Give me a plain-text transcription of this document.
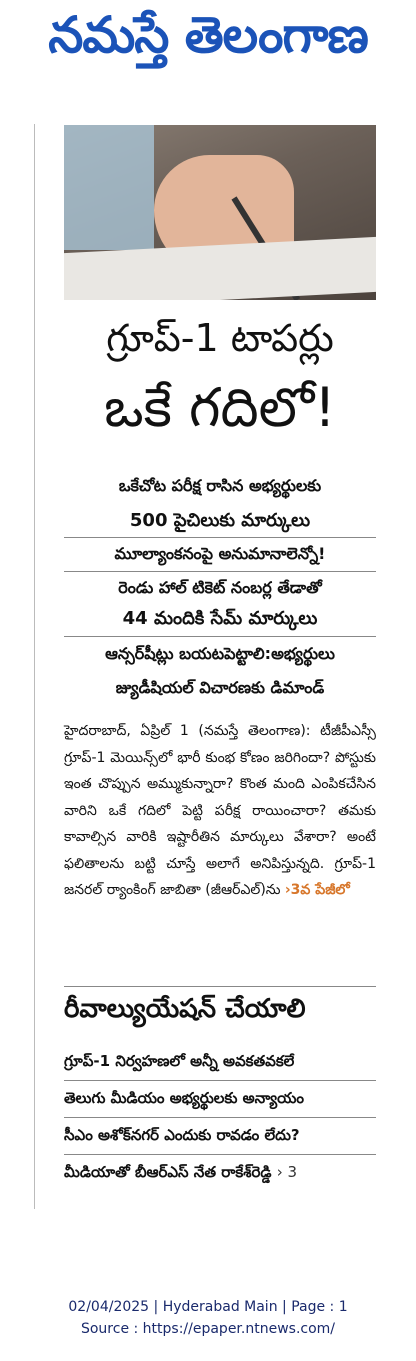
నమస్తే తెలంగాణ
గ్రూప్-1 టాపర్లు
ఒకే గదిలో!
ఒకేచోట పరీక్ష రాసిన అభ్యర్థులకు
500 పైచిలుకు మార్కులు
మూల్యాంకనంపై అనుమానాలెన్నో!
రెండు హాల్ టికెట్ నంబర్ల తేడాతో
44 మందికి సేమ్ మార్కులు
ఆన్సర్‌షీట్లు బయటపెట్టాలి:అభ్యర్థులు
జ్యుడీషియల్ విచారణకు డిమాండ్

హైదరాబాద్, ఏప్రిల్ 1 (నమస్తే తెలంగాణ): టీజీపీఎస్సీ గ్రూప్-1 మెయిన్స్‌లో భారీ కుంభ కోణం జరిగిందా? పోస్టుకు ఇంత చొప్పున అమ్ముకున్నారా? కొంత మంది ఎంపికచేసిన వారిని ఒకే గదిలో పెట్టి పరీక్ష రాయించారా? తమకు కావాల్సిన వారికి ఇష్టారీతిన మార్కులు వేశారా? అంటే ఫలితాలను బట్టి చూస్తే అలాగే అనిపిస్తున్నది. గ్రూప్-1 జనరల్ ర్యాంకింగ్ జాబితా (జీఆర్ఎల్)ను ›3వ పేజీలో

రీవాల్యుయేషన్ చేయాలి
గ్రూప్-1 నిర్వహణలో అన్నీ అవకతవకలే
తెలుగు మీడియం అభ్యర్థులకు అన్యాయం
సీఎం అశోక్‌నగర్ ఎందుకు రావడం లేదు?
మీడియాతో బీఆర్ఎస్ నేత రాకేశ్‌రెడ్డి › 3
02/04/2025 | Hyderabad Main | Page : 1
Source : https://epaper.ntnews.com/
